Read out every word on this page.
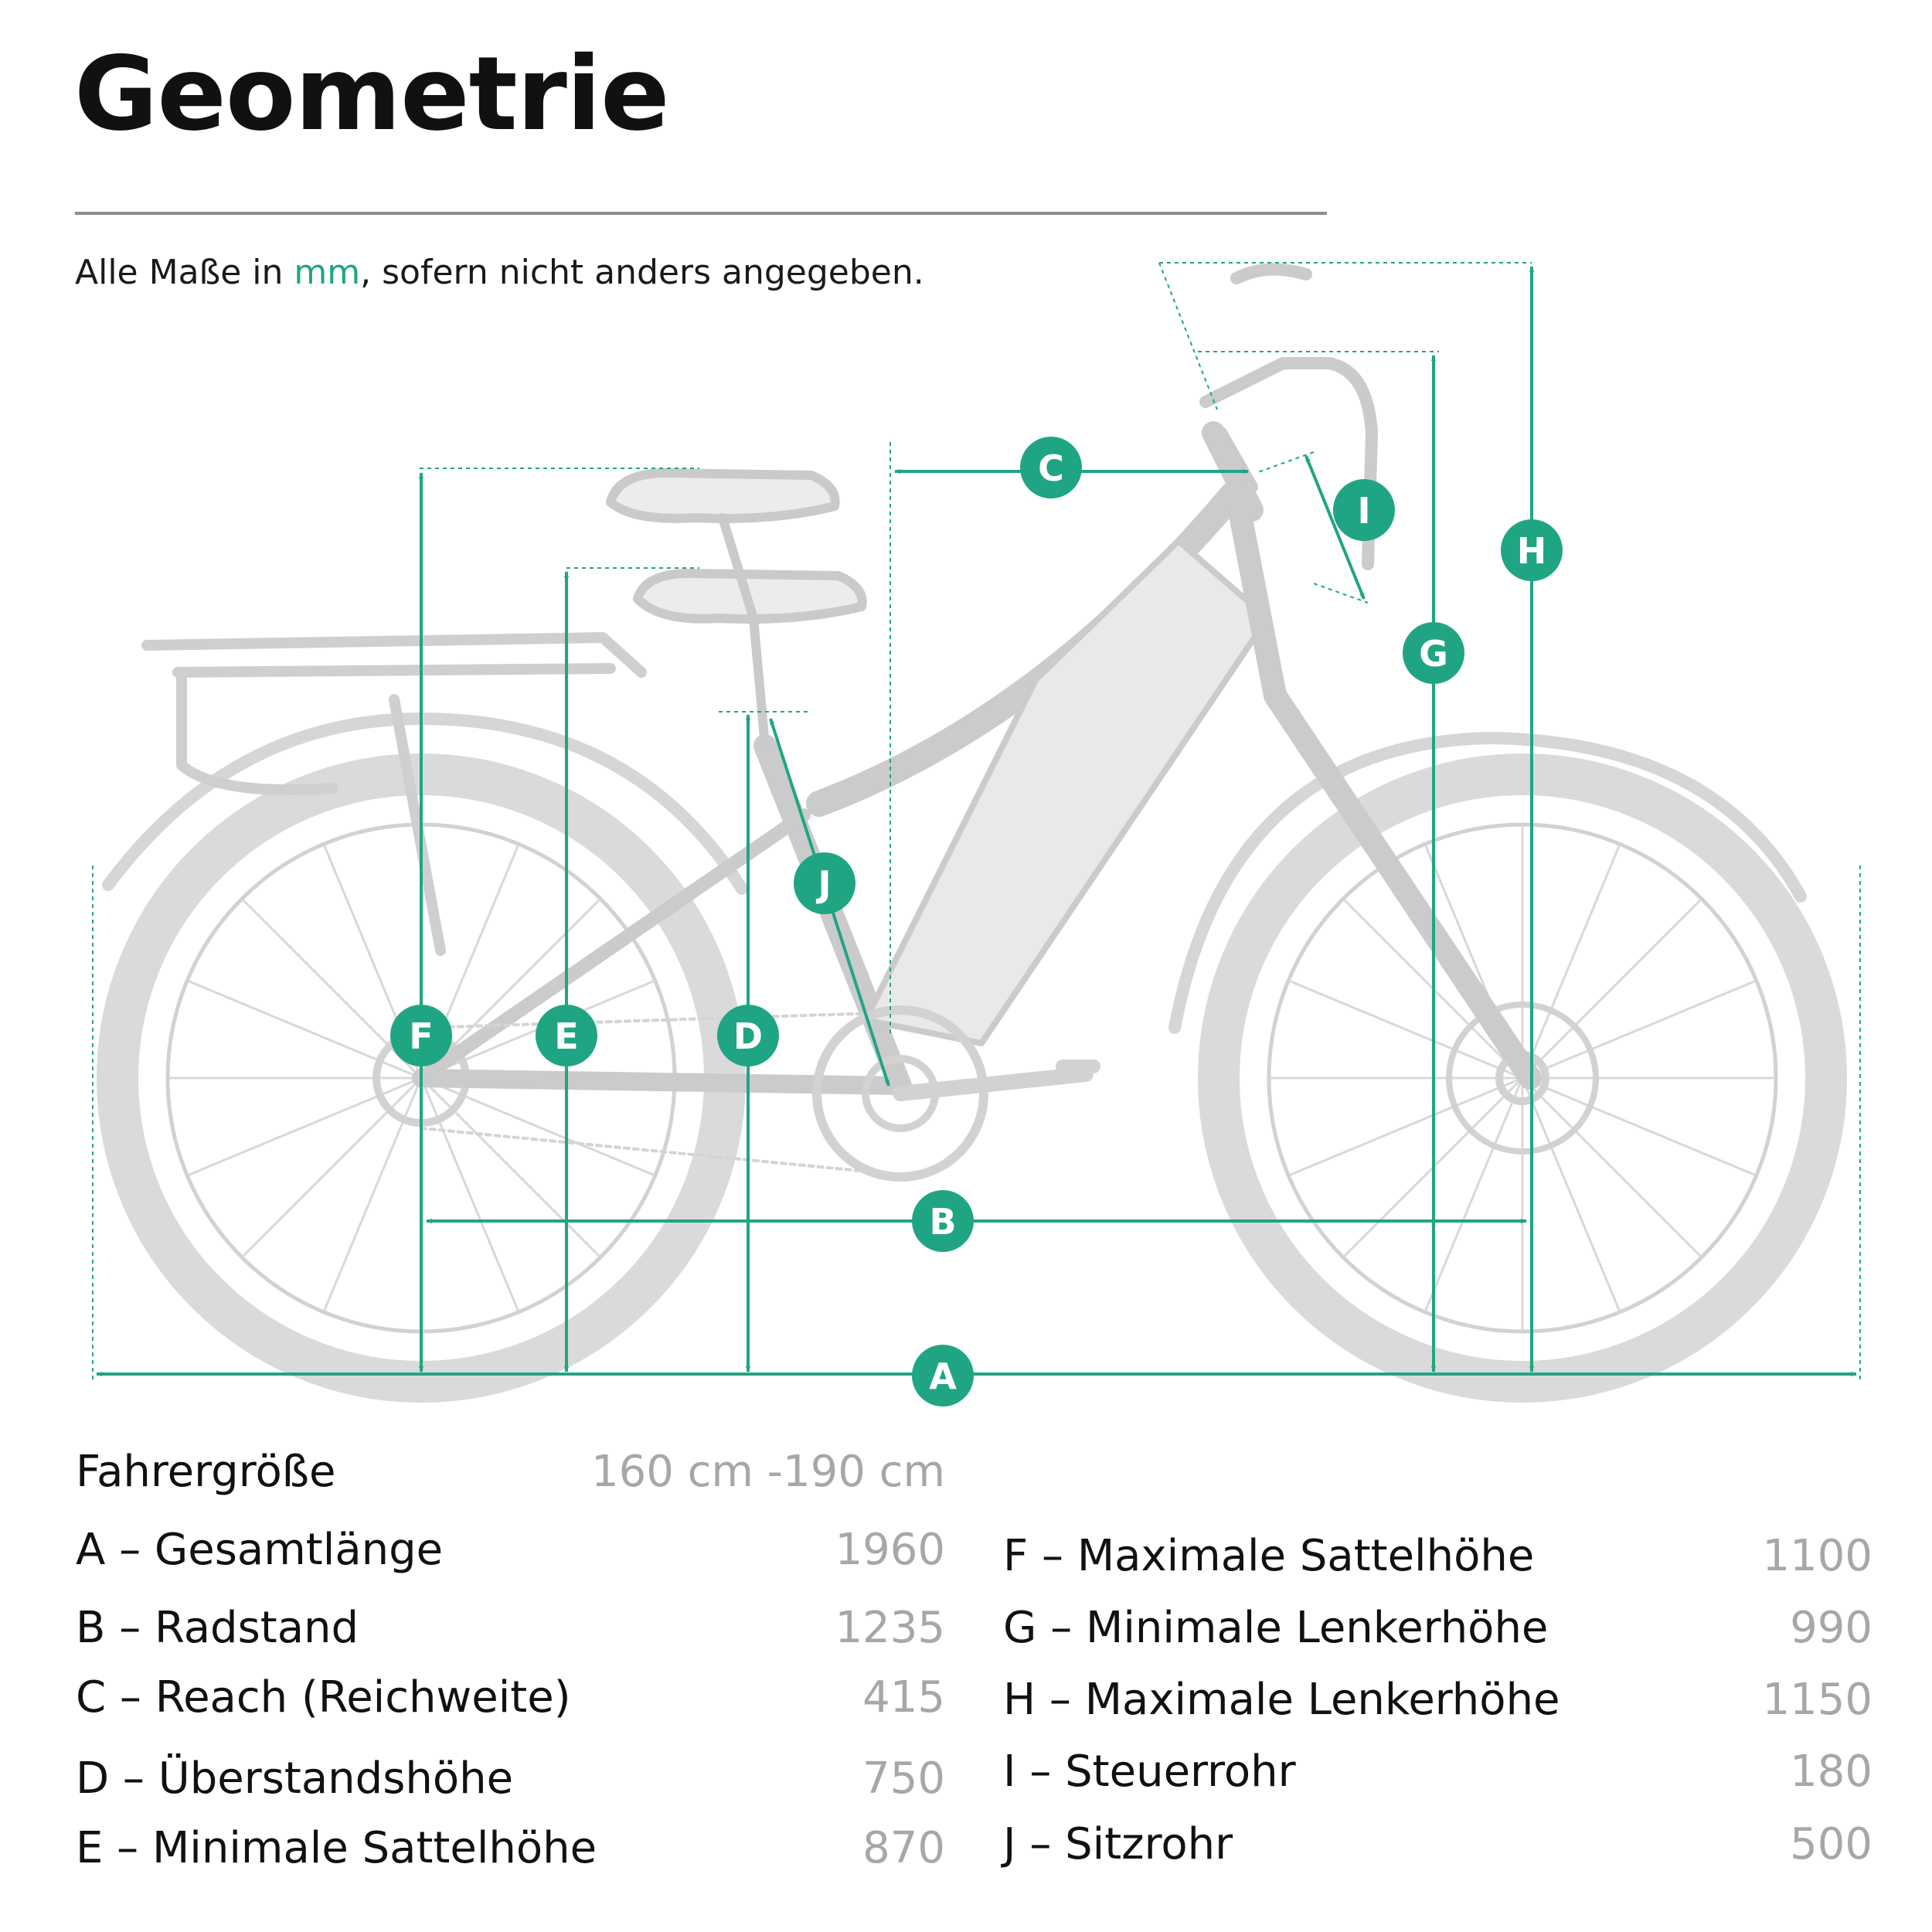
Geometrie
Alle Maße in mm, sofern nicht anders angegeben.
A
B
C
D
E
F
G
H
I
J
Fahrergröße	160 cm -190 cm
A – Gesamtlänge	1960
B – Radstand	1235
C – Reach (Reichweite)	415
D – Überstandshöhe	750
E – Minimale Sattelhöhe	870
F – Maximale Sattelhöhe	1100
G – Minimale Lenkerhöhe	990
H – Maximale Lenkerhöhe	1150
I – Steuerrohr	180
J – Sitzrohr	500
